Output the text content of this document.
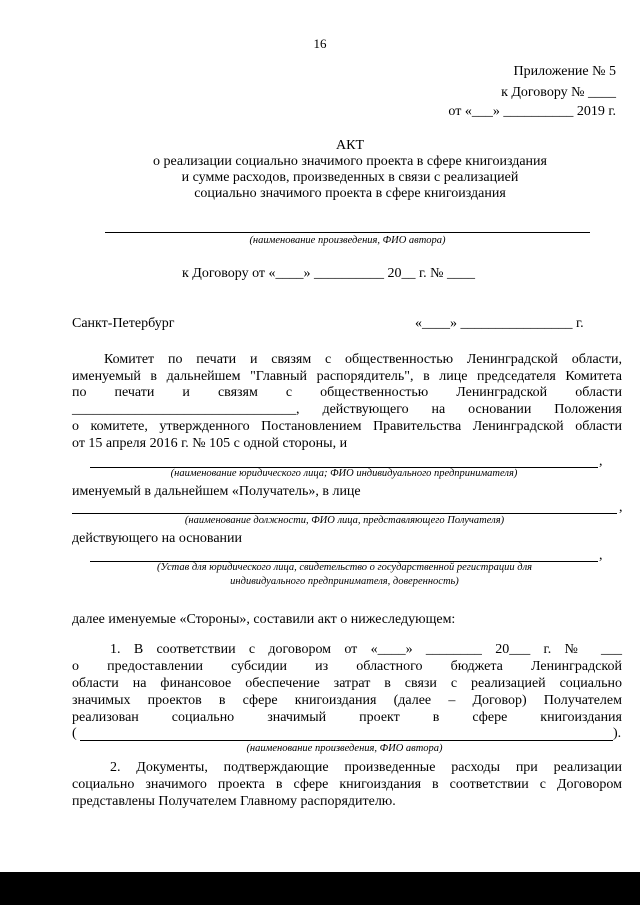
16
Приложение № 5
к Договору № ____
от «___» __________ 2019 г.
АКТ
о реализации социально значимого проекта в сфере книгоиздания
и сумме расходов, произведенных в связи с реализацией
социально значимого проекта в сфере книгоиздания
(наименование произведения, ФИО автора)
к Договору от «____» __________ 20__ г. № ____
Санкт-Петербург	«____» ________________ г.
Комитет по печати и связям с общественностью Ленинградской области,
именуемый в дальнейшем "Главный распорядитель", в лице председателя Комитета
по печати и связям с общественностью Ленинградской области
________________________________, действующего на основании Положения
о комитете, утвержденного Постановлением Правительства Ленинградской области
от 15 апреля 2016 г. № 105 с одной стороны, и
,
(наименование юридического лица; ФИО индивидуального предпринимателя)
именуемый в дальнейшем «Получатель», в лице
,
(наименование должности, ФИО лица, представляющего Получателя)
действующего на основании
,
(Устав для юридического лица, свидетельство о государственной регистрации для
индивидуального предпринимателя, доверенность)
далее именуемые «Стороны», составили акт о нижеследующем:
1. В соответствии с договором от «____» ________ 20___ г. № ___
о предоставлении субсидии из областного бюджета Ленинградской
области на финансовое обеспечение затрат в связи с реализацией социально
значимых проектов в сфере книгоиздания (далее – Договор) Получателем
реализован социально значимый проект в сфере книгоиздания
(	).
(наименование произведения, ФИО автора)
2. Документы, подтверждающие произведенные расходы при реализации
социально значимого проекта в сфере книгоиздания в соответствии с Договором
представлены Получателем Главному распорядителю.
